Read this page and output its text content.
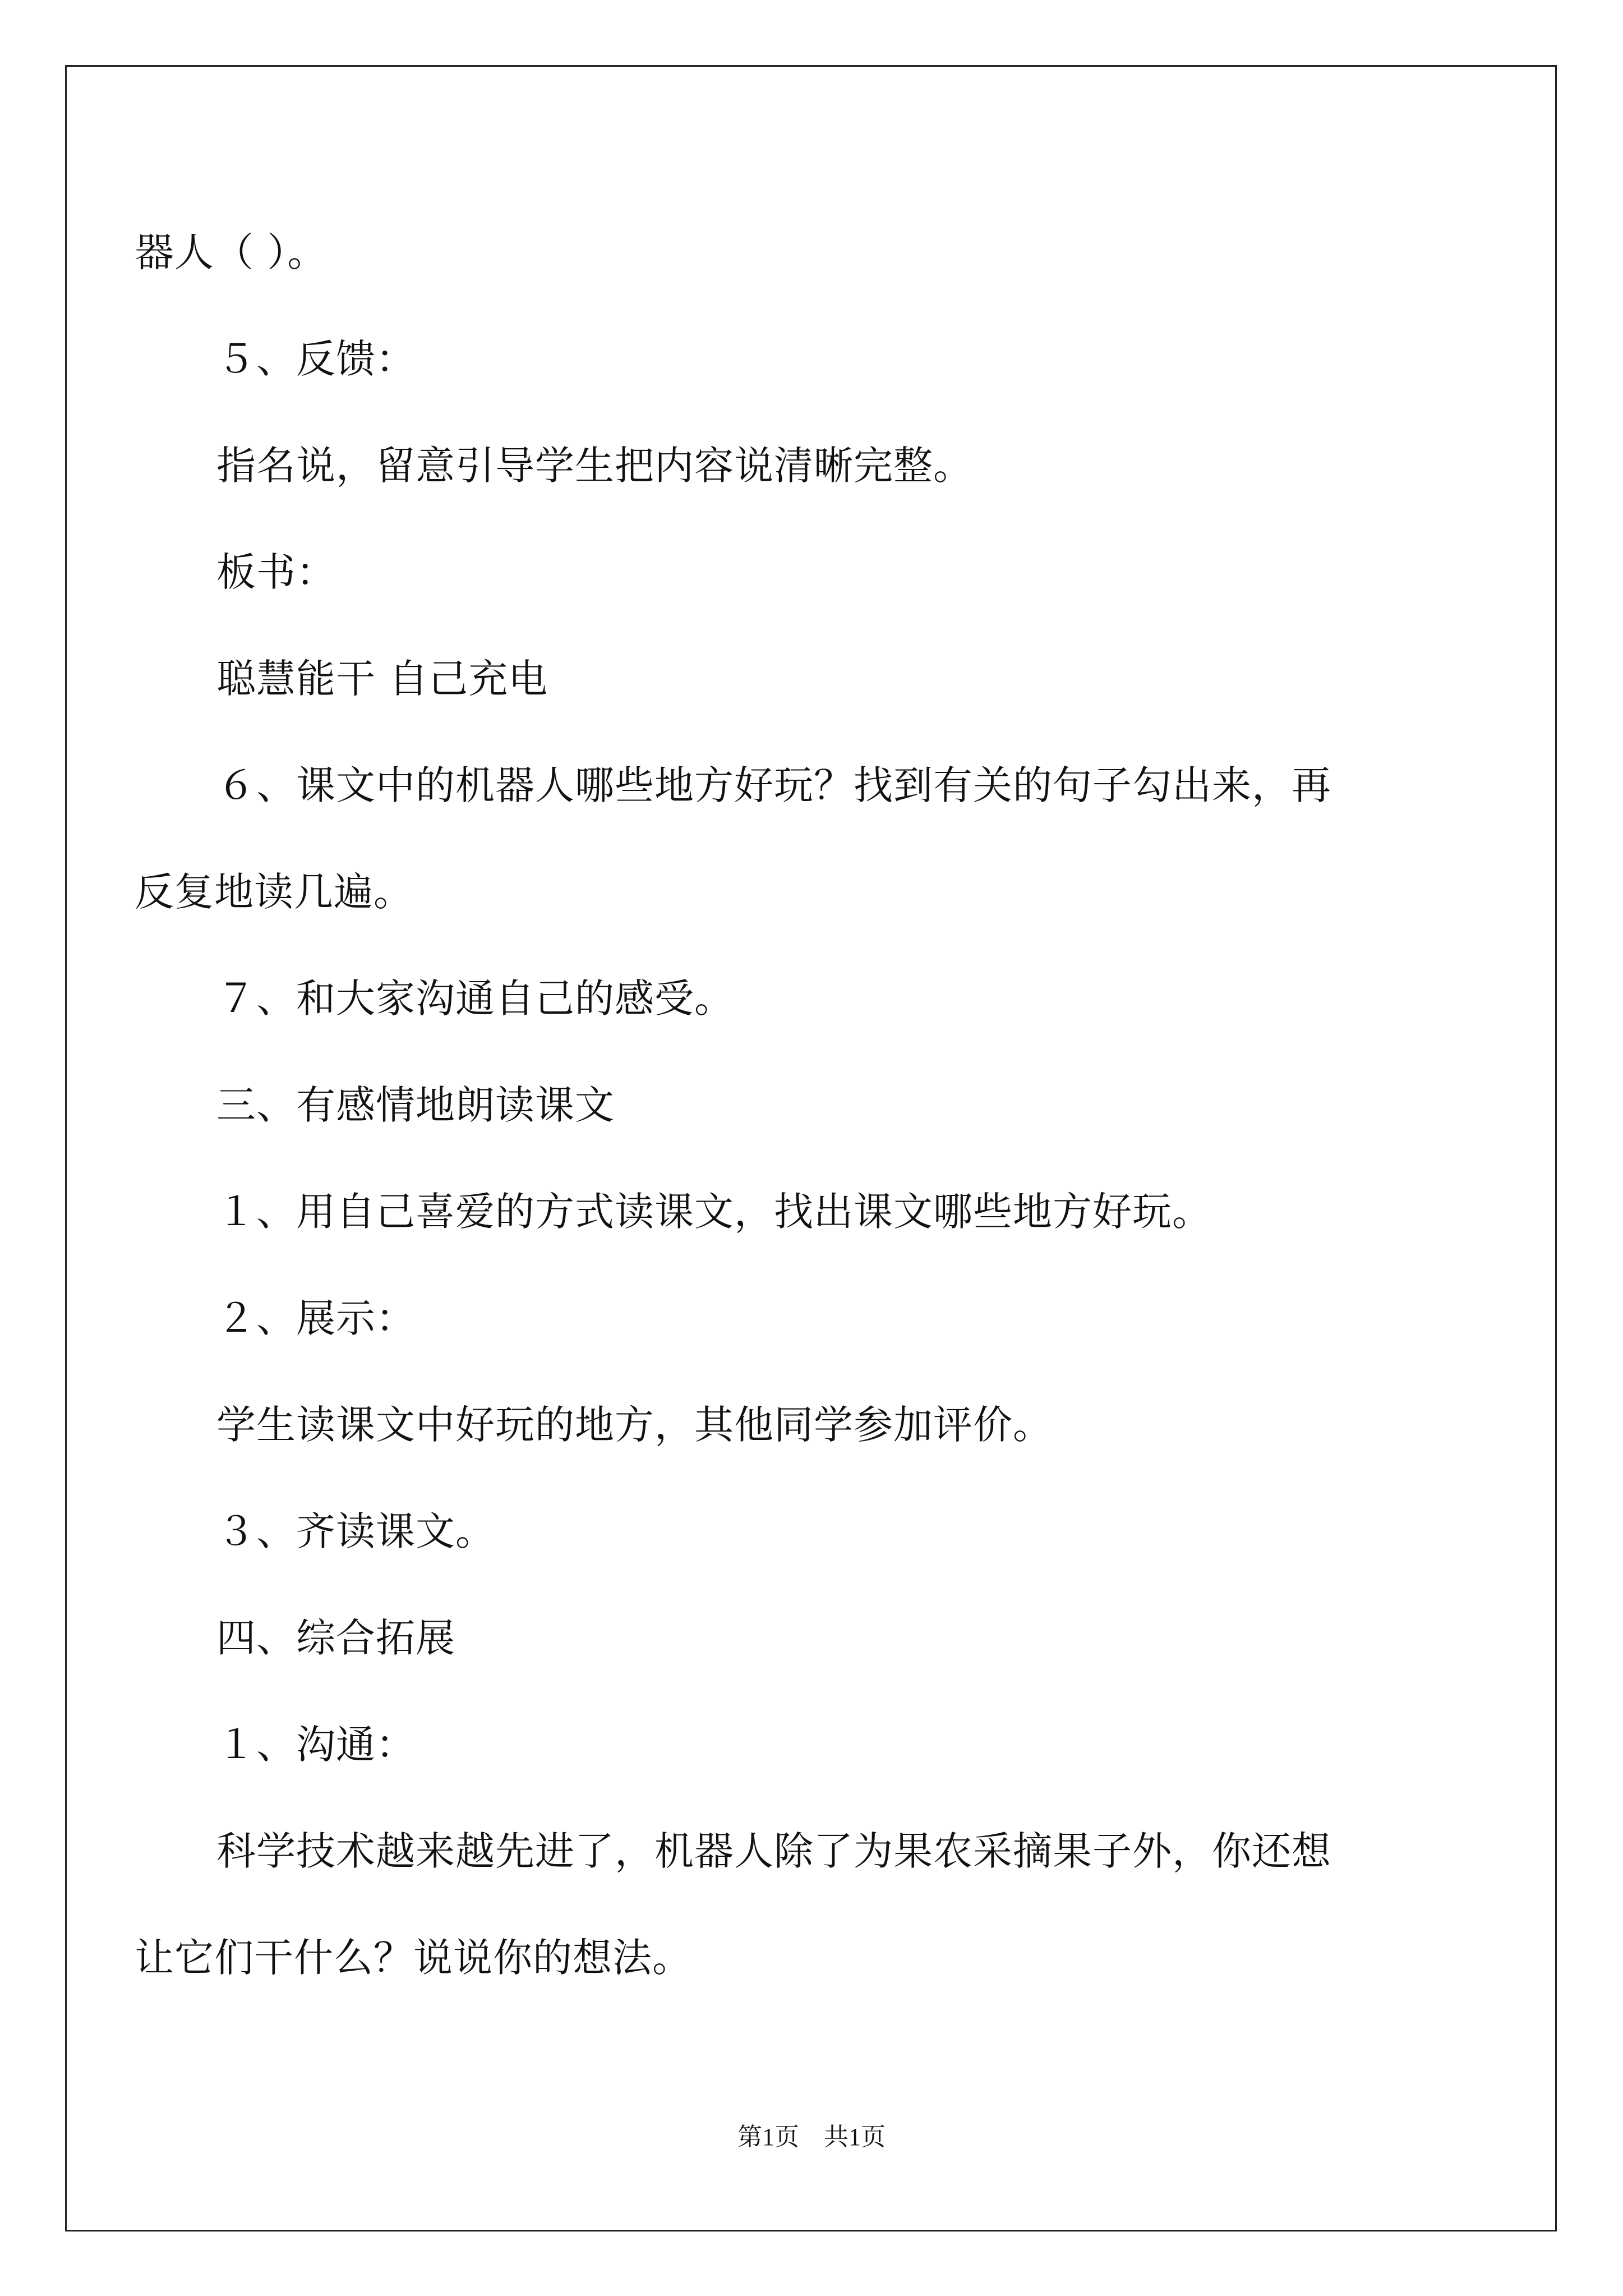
器人（ ）。
５、反馈：
指名说，留意引导学生把内容说清晰完整。
板书：
聪慧能干 自己充电
６、课文中的机器人哪些地方好玩？找到有关的句子勾出来，再
反复地读几遍。
７、和大家沟通自己的感受。
三、有感情地朗读课文
１、用自己喜爱的方式读课文，找出课文哪些地方好玩。
２、展示：
学生读课文中好玩的地方，其他同学参加评价。
３、齐读课文。
四、综合拓展
１、沟通：
科学技术越来越先进了，机器人除了为果农采摘果子外，你还想
让它们干什么？说说你的想法。
第1页　共1页
